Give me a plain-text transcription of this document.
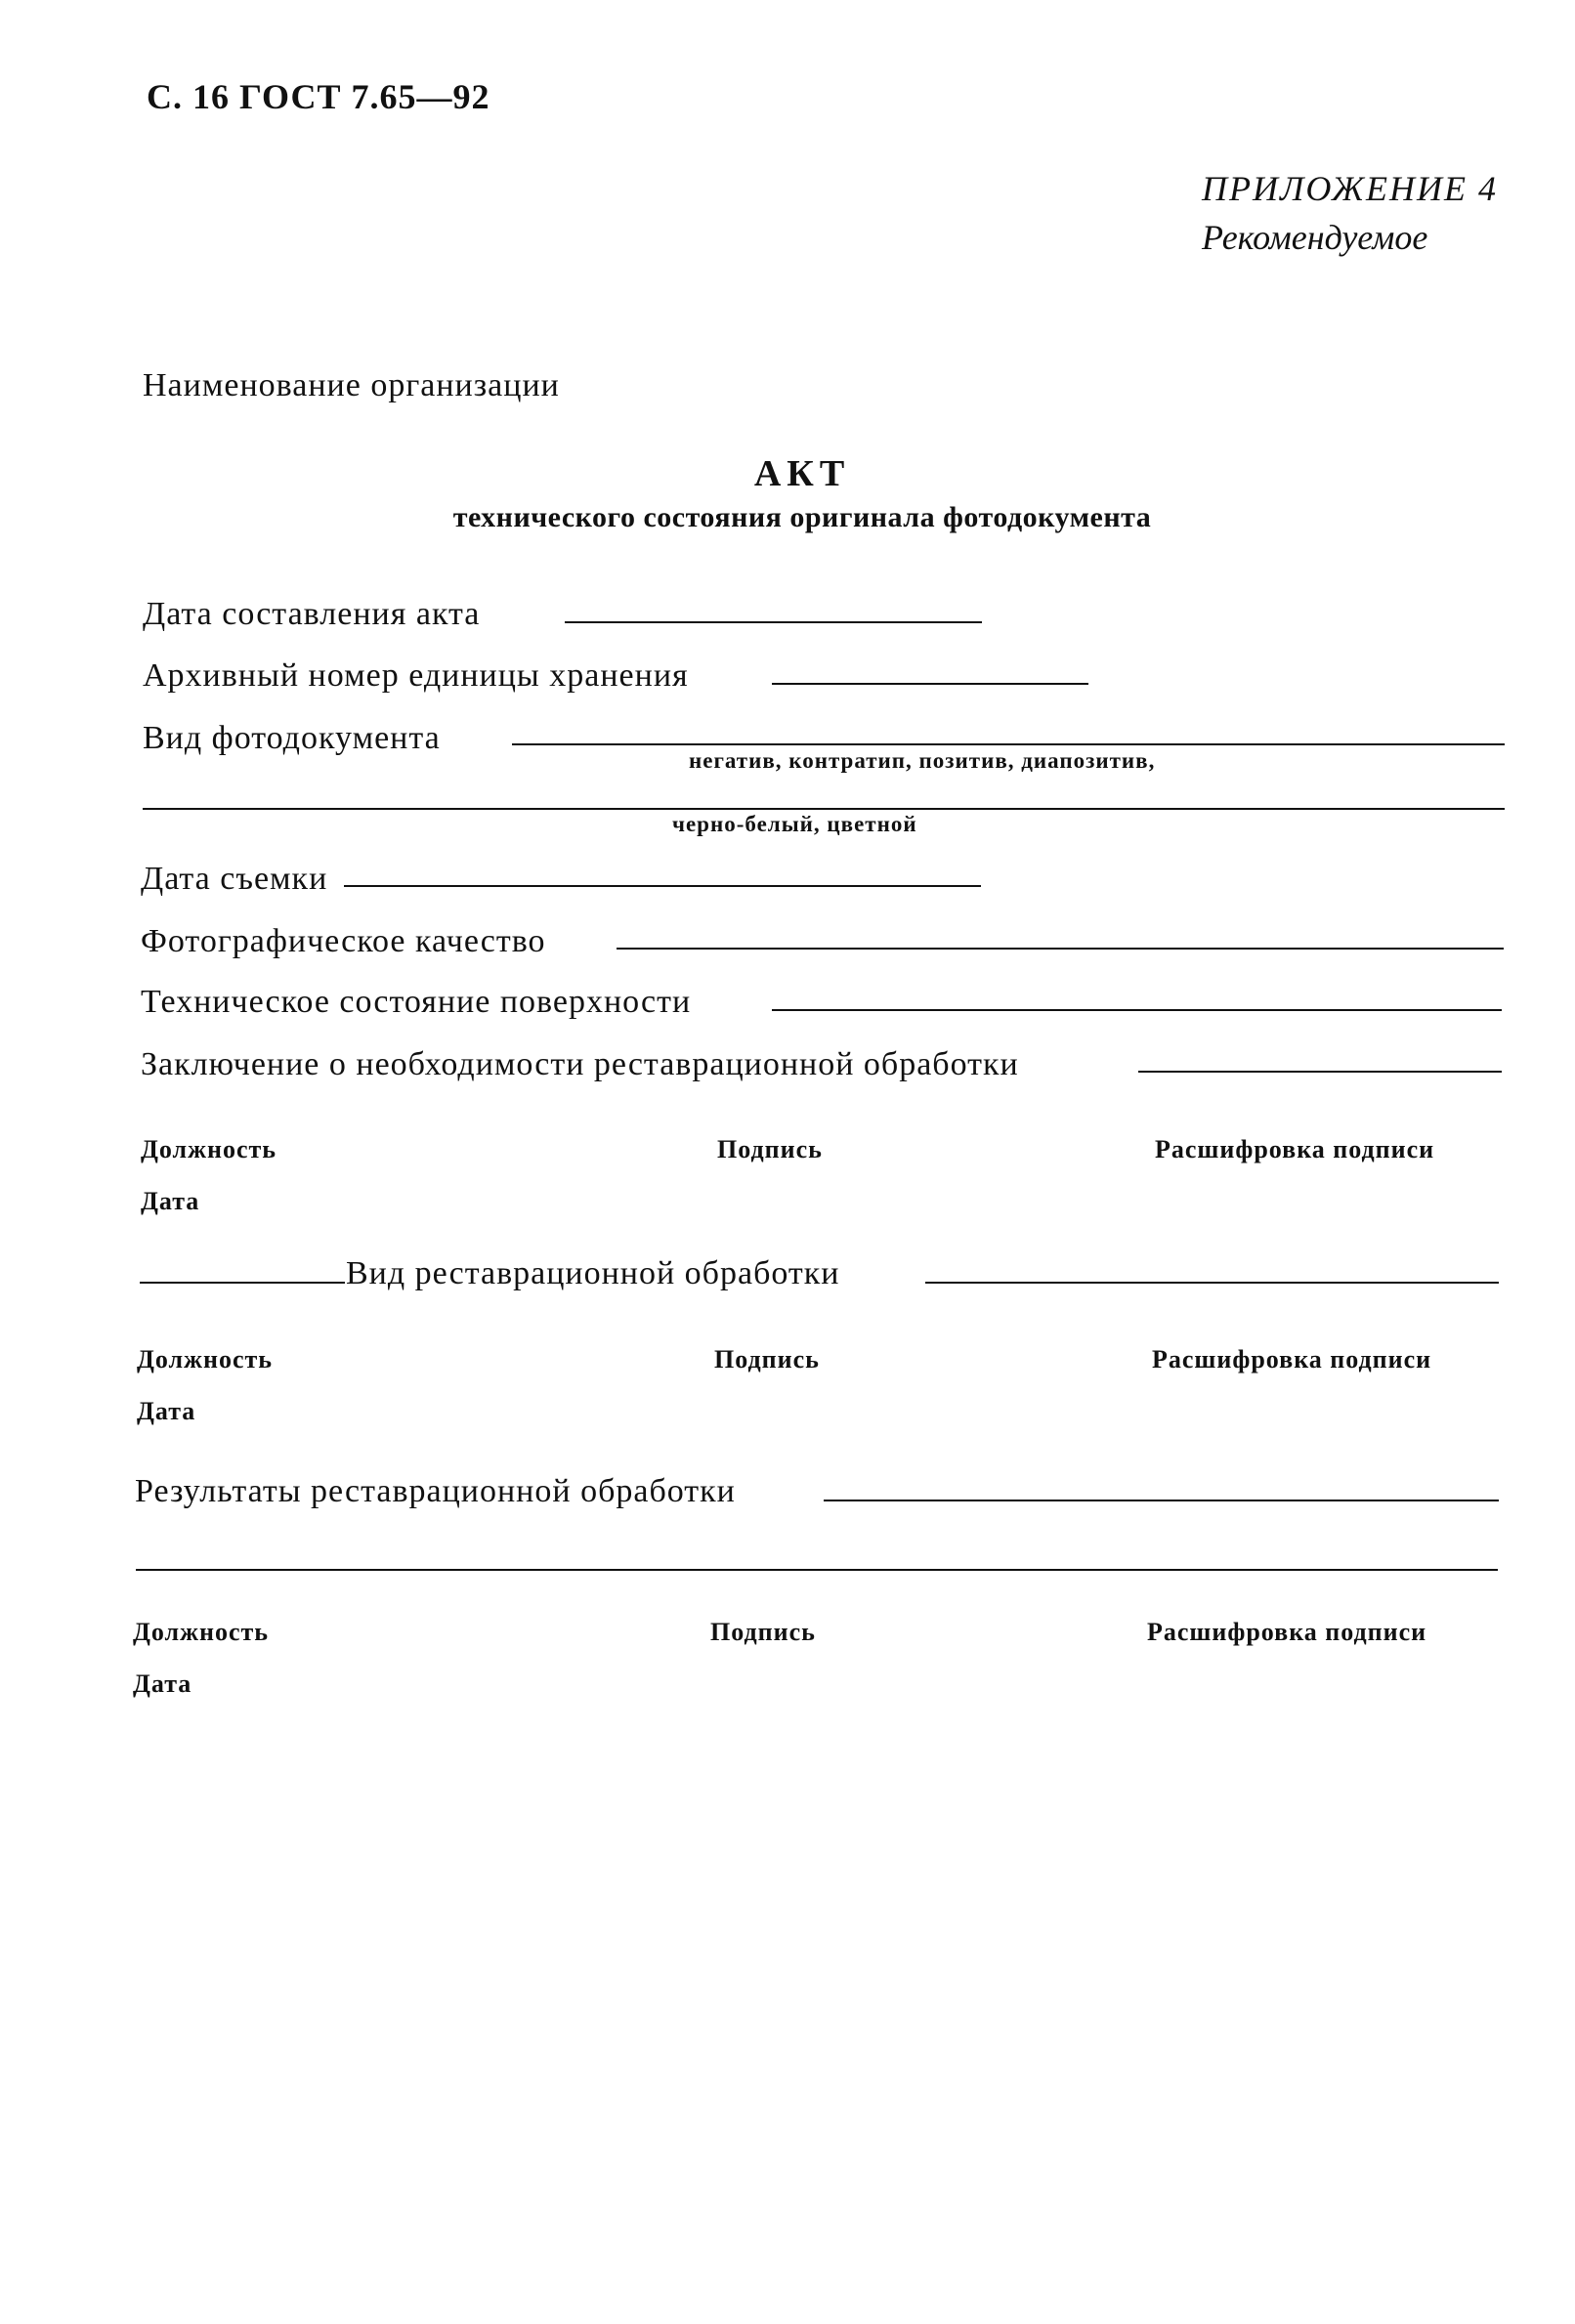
С. 16 ГОСТ 7.65—92
ПРИЛОЖЕНИЕ 4
Рекомендуемое
Наименование организации
АКТ
технического состояния оригинала фотодокумента
Дата составления акта
Архивный номер единицы хранения
Вид фотодокумента
негатив, контратип, позитив, диапозитив,
черно-белый, цветной
Дата съемки
Фотографическое качество
Техническое состояние поверхности
Заключение о необходимости реставрационной обработки
Должность	Подпись	Расшифровка подписи
Дата
Вид реставрационной обработки
Должность	Подпись	Расшифровка подписи
Дата
Результаты реставрационной обработки
Должность	Подпись	Расшифровка подписи
Дата
